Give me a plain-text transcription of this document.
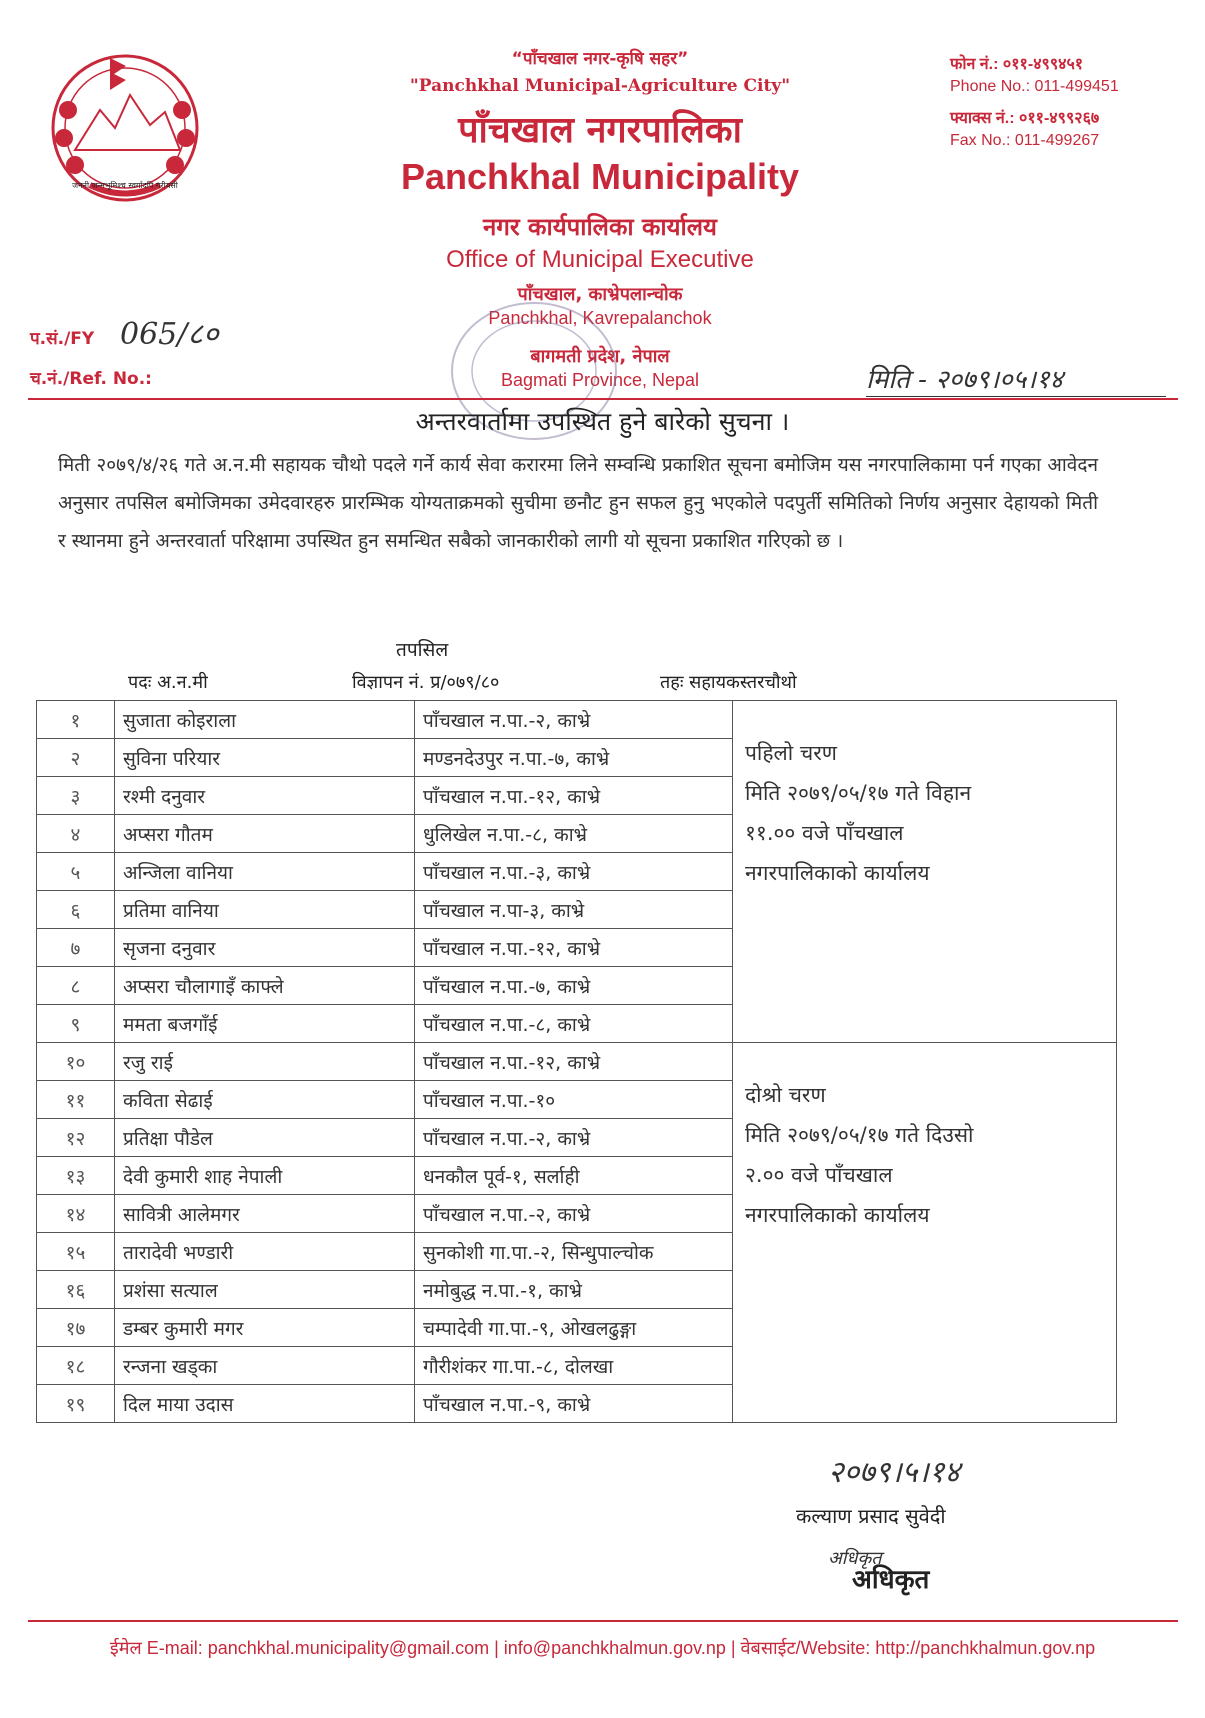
जननी जन्मभूमिश्च स्वर्गादपि गरीयसी
“पाँचखाल नगर-कृषि सहर”
"Panchkhal Municipal-Agriculture City"
पाँचखाल नगरपालिका
Panchkhal Municipality
नगर कार्यपालिका कार्यालय
Office of Municipal Executive
पाँचखाल, काभ्रेपलान्चोक
Panchkhal, Kavrepalanchok
बागमती प्रदेश, नेपाल
Bagmati Province, Nepal
फोन नं.: ०११-४९९४५१
Phone No.: 011-499451
फ्याक्स नं.: ०११-४९९२६७
Fax No.: 011-499267
प.सं./FY 065/८०
च.नं./Ref. No.:	मिति - २०७९।०५।१४
अन्तरवार्तामा उपस्थित हुने बारेको सुचना ।
मिती २०७९/४/२६ गते अ.न.मी सहायक चौथो पदले गर्ने कार्य सेवा करारमा लिने सम्वन्धि प्रकाशित सूचना बमोजिम यस नगरपालिकामा पर्न गएका आवेदन अनुसार तपसिल बमोजिमका उमेदवारहरु प्रारम्भिक योग्यताक्रमको सुचीमा छनौट हुन सफल हुनु भएकोले पदपुर्ती समितिको निर्णय अनुसार देहायको मिती र स्थानमा हुने अन्तरवार्ता परिक्षामा उपस्थित हुन समन्धित सबैको जानकारीको लागी यो सूचना प्रकाशित गरिएको छ ।
तपसिल
पदः अ.न.मी	विज्ञापन नं. प्र/०७९/८०	तहः सहायकस्तरचौथो
१	सुजाता कोइराला	पाँचखाल न.पा.-२, काभ्रे	पहिलो चरण
मिति २०७९/०५/१७ गते विहान
११.०० वजे पाँचखाल
नगरपालिकाको कार्यालय

२	सुविना परियार	मण्डनदेउपुर न.पा.-७, काभ्रे	
३	रश्मी दनुवार	पाँचखाल न.पा.-१२, काभ्रे	
४	अप्सरा गौतम	धुलिखेल न.पा.-८, काभ्रे	
५	अन्जिला वानिया	पाँचखाल न.पा.-३, काभ्रे	
६	प्रतिमा वानिया	पाँचखाल न.पा-३, काभ्रे	
७	सृजना दनुवार	पाँचखाल न.पा.-१२, काभ्रे	
८	अप्सरा चौलागाइँ काफ्ले	पाँचखाल न.पा.-७, काभ्रे	
९	ममता बजगाँई	पाँचखाल न.पा.-८, काभ्रे	
१०	रजु राई	पाँचखाल न.पा.-१२, काभ्रे	दोश्रो चरण
मिति २०७९/०५/१७ गते दिउसो
२.०० वजे पाँचखाल
नगरपालिकाको कार्यालय

११	कविता सेढाई	पाँचखाल न.पा.-१०	
१२	प्रतिक्षा पौडेल	पाँचखाल न.पा.-२, काभ्रे	
१३	देवी कुमारी शाह नेपाली	धनकौल पूर्व-१, सर्लाही	
१४	सावित्री आलेमगर	पाँचखाल न.पा.-२, काभ्रे	
१५	तारादेवी भण्डारी	सुनकोशी गा.पा.-२, सिन्धुपाल्चोक	
१६	प्रशंसा सत्याल	नमोबुद्ध न.पा.-१, काभ्रे	
१७	डम्बर कुमारी मगर	चम्पादेवी गा.पा.-९, ओखलढुङ्गा	
१८	रन्जना खड्का	गौरीशंकर गा.पा.-८, दोलखा	
१९	दिल माया उदास	पाँचखाल न.पा.-९, काभ्रे	
२०७९।५।१४
कल्याण प्रसाद सुवेदी
अधिकृत
अधिकृत
ईमेल E-mail: panchkhal.municipality@gmail.com | info@panchkhalmun.gov.np | वेबसाईट/Website: http://panchkhalmun.gov.np
